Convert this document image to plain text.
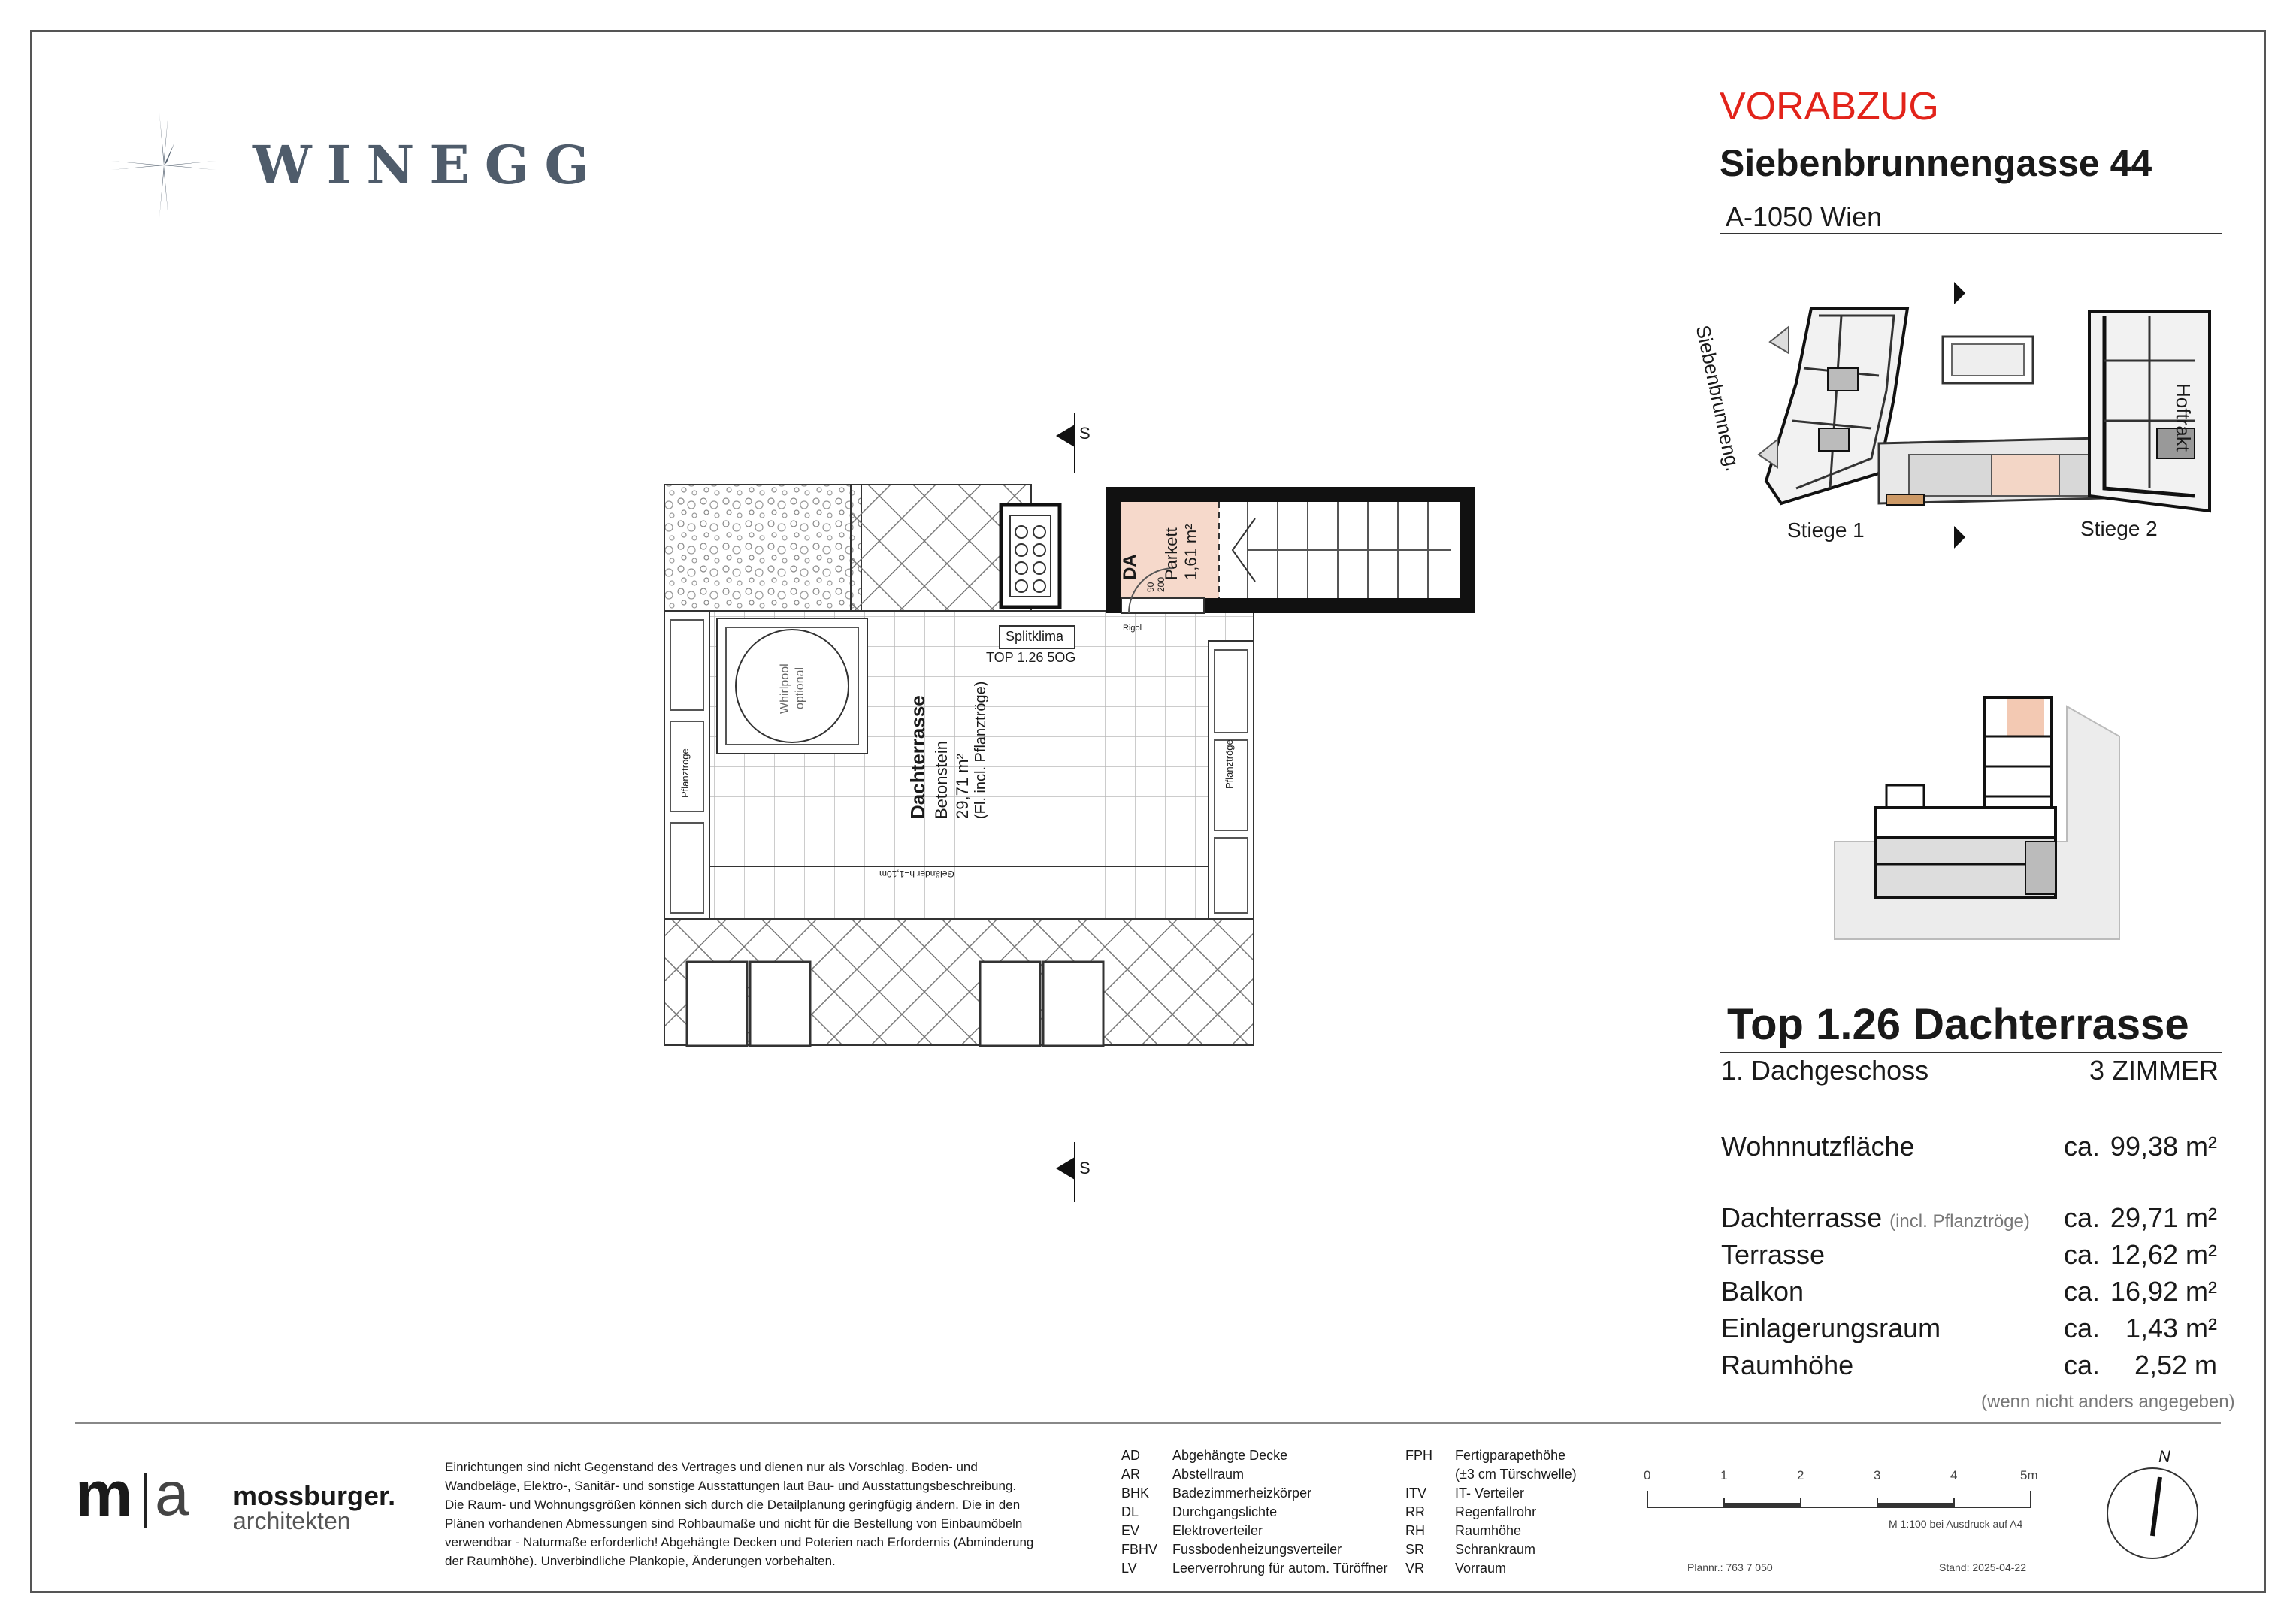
WINEGG
VORABZUG
Siebenbrunnengasse 44
A-1050 Wien
Siebenbrunneng.	Hoftrakt
Stiege 1	Stiege 2
Top 1.26 Dachterrasse
1. Dachgeschoss	3 ZIMMER
Wohnnutzfläche	ca. 99,38 m²
Dachterrasse (incl. Pflanztröge) ca. 29,71 m²
Terrasse	ca. 12,62 m²
Balkon	ca. 16,92 m²
Einlagerungsraum	ca. 1,43 m²
Raumhöhe	ca. 2,52 m
(wenn nicht anders angegeben)
S
S
Splitklima
TOP 1.26 5OG
DA Parkett 1,61 m²
90 200
Rigol
Whirlpool optional
Pflanztröge	Pflanztröge
Dachterrasse Betonstein 29,71 m² (Fl. incl. Pflanztröge)
Geländer h=1,10m
m a mossburger.
architekten
Einrichtungen sind nicht Gegenstand des Vertrages und dienen nur als Vorschlag. Boden- und
Wandbeläge, Elektro-, Sanitär- und sonstige Ausstattungen laut Bau- und Ausstattungsbeschreibung.
Die Raum- und Wohnungsgrößen können sich durch die Detailplanung geringfügig ändern. Die in den
Plänen vorhandenen Abmessungen sind Rohbaumaße und nicht für die Bestellung von Einbaumöbeln
verwendbar - Naturmaße erforderlich! Abgehängte Decken und Poterien nach Erfordernis (Abminderung
der Raumhöhe). Unverbindliche Plankopie, Änderungen vorbehalten.
AD	Abgehängte Decke
AR	Abstellraum
BHK	Badezimmerheizkörper
DL	Durchgangslichte
EV	Elektroverteiler
FBHV	Fussbodenheizungsverteiler
LV	Leerverrohrung für autom. Türöffner
FPH	Fertigparapethöhe
	(±3 cm Türschwelle)
ITV	IT- Verteiler
RR	Regenfallrohr
RH	Raumhöhe
SR	Schrankraum
VR	Vorraum
0	1	2	3	4	5m
M 1:100 bei Ausdruck auf A4
Plannr.: 763 7 050	Stand: 2025-04-22
N
